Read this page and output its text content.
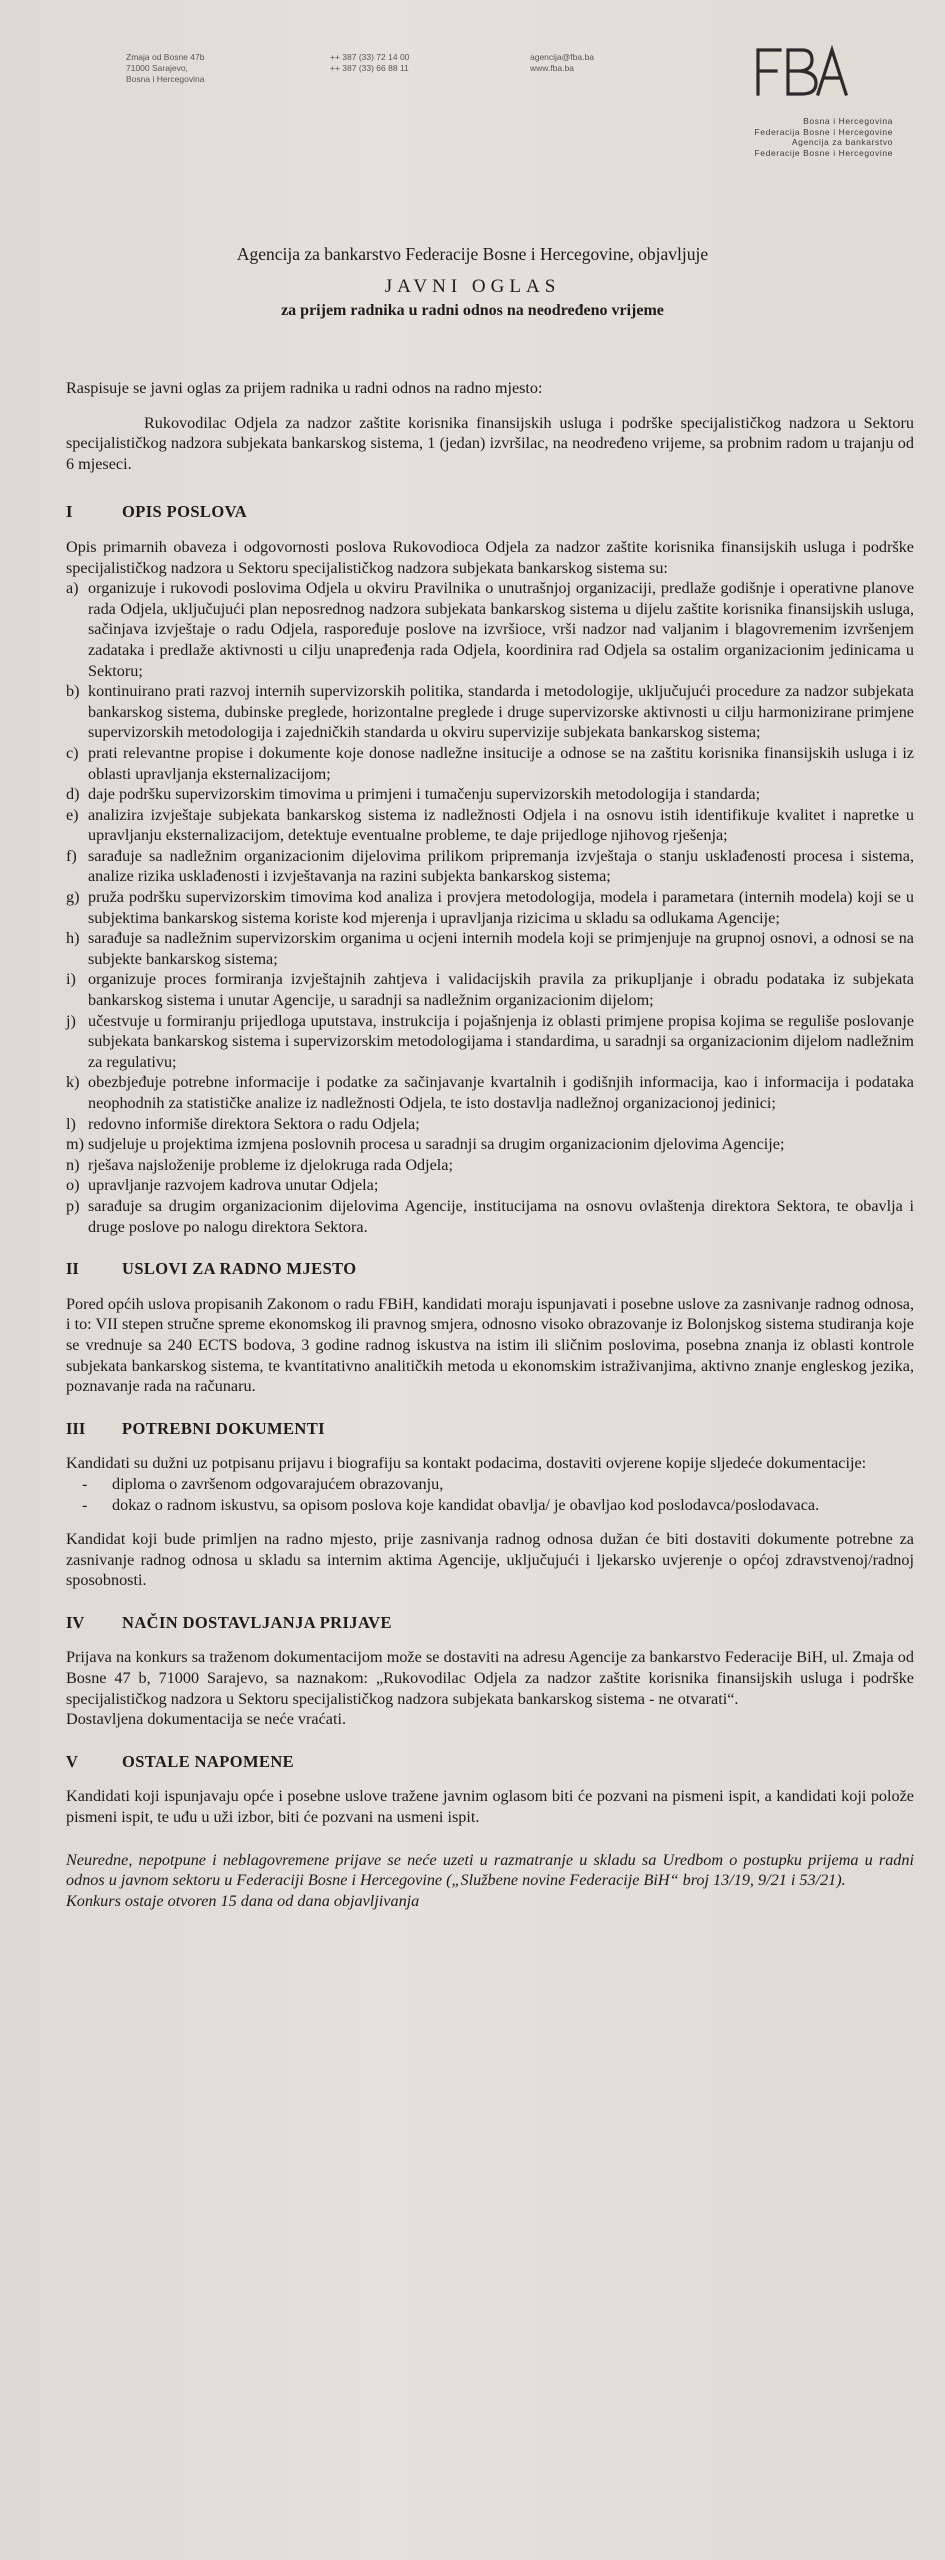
Zmaja od Bosne 47b
71000 Sarajevo,
Bosna i Hercegovina
++ 387 (33) 72 14 00
++ 387 (33) 66 88 11
agencija@fba.ba
www.fba.ba
Bosna i Hercegovina
Federacija Bosne i Hercegovine
Agencija za bankarstvo
Federacije Bosne i Hercegovine
Agencija za bankarstvo Federacije Bosne i Hercegovine, objavljuje
JAVNI OGLAS
za prijem radnika u radni odnos na neodređeno vrijeme

Raspisuje se javni oglas za prijem radnika u radni odnos na radno mjesto:

Rukovodilac Odjela za nadzor zaštite korisnika finansijskih usluga i podrške specijalističkog nadzora u Sektoru specijalističkog nadzora subjekata bankarskog sistema, 1 (jedan) izvršilac, na neodređeno vrijeme, sa probnim radom u trajanju od 6 mjeseci.

I	OPIS POSLOVA

Opis primarnih obaveza i odgovornosti poslova Rukovodioca Odjela za nadzor zaštite korisnika finansijskih usluga i podrške specijalističkog nadzora u Sektoru specijalističkog nadzora subjekata bankarskog sistema su:

a) organizuje i rukovodi poslovima Odjela u okviru Pravilnika o unutrašnjoj organizaciji, predlaže godišnje i operativne planove rada Odjela, uključujući plan neposrednog nadzora subjekata bankarskog sistema u dijelu zaštite korisnika finansijskih usluga, sačinjava izvještaje o radu Odjela, raspoređuje poslove na izvršioce, vrši nadzor nad valjanim i blagovremenim izvršenjem zadataka i predlaže aktivnosti u cilju unapređenja rada Odjela, koordinira rad Odjela sa ostalim organizacionim jedinicama u Sektoru;
b) kontinuirano prati razvoj internih supervizorskih politika, standarda i metodologije, uključujući procedure za nadzor subjekata bankarskog sistema, dubinske preglede, horizontalne preglede i druge supervizorske aktivnosti u cilju harmonizirane primjene supervizorskih metodologija i zajedničkih standarda u okviru supervizije subjekata bankarskog sistema;
c) prati relevantne propise i dokumente koje donose nadležne insitucije a odnose se na zaštitu korisnika finansijskih usluga i iz oblasti upravljanja eksternalizacijom;
d) daje podršku supervizorskim timovima u primjeni i tumačenju supervizorskih metodologija i standarda;
e) analizira izvještaje subjekata bankarskog sistema iz nadležnosti Odjela i na osnovu istih identifikuje kvalitet i napretke u upravljanju eksternalizacijom, detektuje eventualne probleme, te daje prijedloge njihovog rješenja;
f) sarađuje sa nadležnim organizacionim dijelovima prilikom pripremanja izvještaja o stanju usklađenosti procesa i sistema, analize rizika usklađenosti i izvještavanja na razini subjekta bankarskog sistema;
g) pruža podršku supervizorskim timovima kod analiza i provjera metodologija, modela i parametara (internih modela) koji se u subjektima bankarskog sistema koriste kod mjerenja i upravljanja rizicima u skladu sa odlukama Agencije;
h) sarađuje sa nadležnim supervizorskim organima u ocjeni internih modela koji se primjenjuje na grupnoj osnovi, a odnosi se na subjekte bankarskog sistema;
i) organizuje proces formiranja izvještajnih zahtjeva i validacijskih pravila za prikupljanje i obradu podataka iz subjekata bankarskog sistema i unutar Agencije, u saradnji sa nadležnim organizacionim dijelom;
j) učestvuje u formiranju prijedloga uputstava, instrukcija i pojašnjenja iz oblasti primjene propisa kojima se reguliše poslovanje subjekata bankarskog sistema i supervizorskim metodologijama i standardima, u saradnji sa organizacionim dijelom nadležnim za regulativu;
k) obezbjeđuje potrebne informacije i podatke za sačinjavanje kvartalnih i godišnjih informacija, kao i informacija i podataka neophodnih za statističke analize iz nadležnosti Odjela, te isto dostavlja nadležnoj organizacionoj jedinici;
l) redovno informiše direktora Sektora o radu Odjela;
m) sudjeluje u projektima izmjena poslovnih procesa u saradnji sa drugim organizacionim djelovima Agencije;
n) rješava najsloženije probleme iz djelokruga rada Odjela;
o) upravljanje razvojem kadrova unutar Odjela;
p) sarađuje sa drugim organizacionim dijelovima Agencije, institucijama na osnovu ovlaštenja direktora Sektora, te obavlja i druge poslove po nalogu direktora Sektora.
II	USLOVI ZA RADNO MJESTO

Pored općih uslova propisanih Zakonom o radu FBiH, kandidati moraju ispunjavati i posebne uslove za zasnivanje radnog odnosa, i to: VII stepen stručne spreme ekonomskog ili pravnog smjera, odnosno visoko obrazovanje iz Bolonjskog sistema studiranja koje se vrednuje sa 240 ECTS bodova, 3 godine radnog iskustva na istim ili sličnim poslovima, posebna znanja iz oblasti kontrole subjekata bankarskog sistema, te kvantitativno analitičkih metoda u ekonomskim istraživanjima, aktivno znanje engleskog jezika, poznavanje rada na računaru.

III POTREBNI DOKUMENTI

Kandidati su dužni uz potpisanu prijavu i biografiju sa kontakt podacima, dostaviti ovjerene kopije sljedeće dokumentacije:

- diploma o završenom odgovarajućem obrazovanju,
- dokaz o radnom iskustvu, sa opisom poslova koje kandidat obavlja/ je obavljao kod poslodavca/poslodavaca.

Kandidat koji bude primljen na radno mjesto, prije zasnivanja radnog odnosa dužan će biti dostaviti dokumente potrebne za zasnivanje radnog odnosa u skladu sa internim aktima Agencije, uključujući i ljekarsko uvjerenje o općoj zdravstvenoj/radnoj sposobnosti.

IV NAČIN DOSTAVLJANJA PRIJAVE

Prijava na konkurs sa traženom dokumentacijom može se dostaviti na adresu Agencije za bankarstvo Federacije BiH, ul. Zmaja od Bosne 47 b, 71000 Sarajevo, sa naznakom: „Rukovodilac Odjela za nadzor zaštite korisnika finansijskih usluga i podrške specijalističkog nadzora u Sektoru specijalističkog nadzora subjekata bankarskog sistema - ne otvarati“.

Dostavljena dokumentacija se neće vraćati.

V	OSTALE NAPOMENE

Kandidati koji ispunjavaju opće i posebne uslove tražene javnim oglasom biti će pozvani na pismeni ispit, a kandidati koji polože pismeni ispit, te uđu u uži izbor, biti će pozvani na usmeni ispit.

Neuredne, nepotpune i neblagovremene prijave se neće uzeti u razmatranje u skladu sa Uredbom o postupku prijema u radni odnos u javnom sektoru u Federaciji Bosne i Hercegovine („Službene novine Federacije BiH“ broj 13/19, 9/21 i 53/21).

Konkurs ostaje otvoren 15 dana od dana objavljivanja
